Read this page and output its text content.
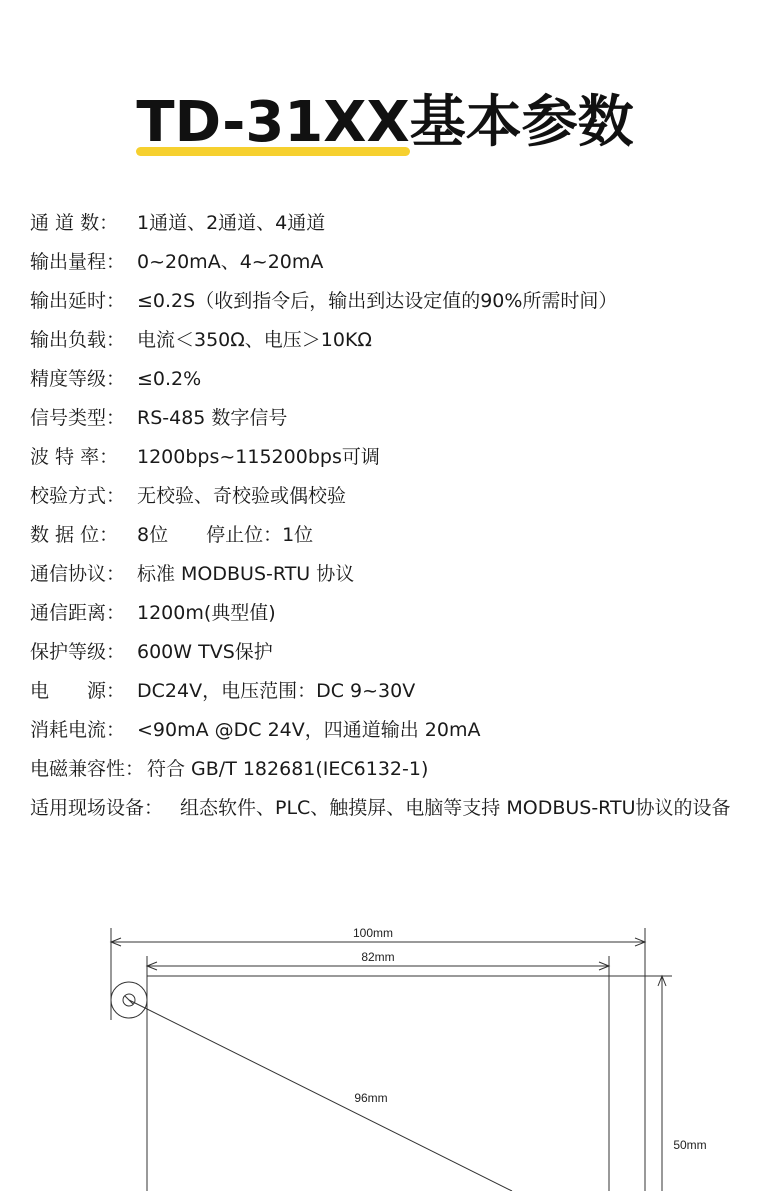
TD-31XX基本参数
通 道 数： 1通道、2通道、4通道
输出量程： 0~20mA、4~20mA
输出延时： ≤0.2S（收到指令后，输出到达设定值的90%所需时间）
输出负载： 电流＜350Ω、电压＞10KΩ
精度等级： ≤0.2%
信号类型： RS-485 数字信号
波 特 率： 1200bps~115200bps可调
校验方式： 无校验、奇校验或偶校验
数 据 位： 8位　　停止位：1位
通信协议： 标准 MODBUS-RTU 协议
通信距离： 1200m(典型值)
保护等级： 600W TVS保护
电　　源： DC24V，电压范围：DC 9~30V
消耗电流： <90mA @DC 24V，四通道输出 20mA
电磁兼容性： 符合 GB/T 182681(IEC6132-1)
适用现场设备： 组态软件、PLC、触摸屏、电脑等支持 MODBUS-RTU协议的设备
100mm
82mm
96mm
50mm
